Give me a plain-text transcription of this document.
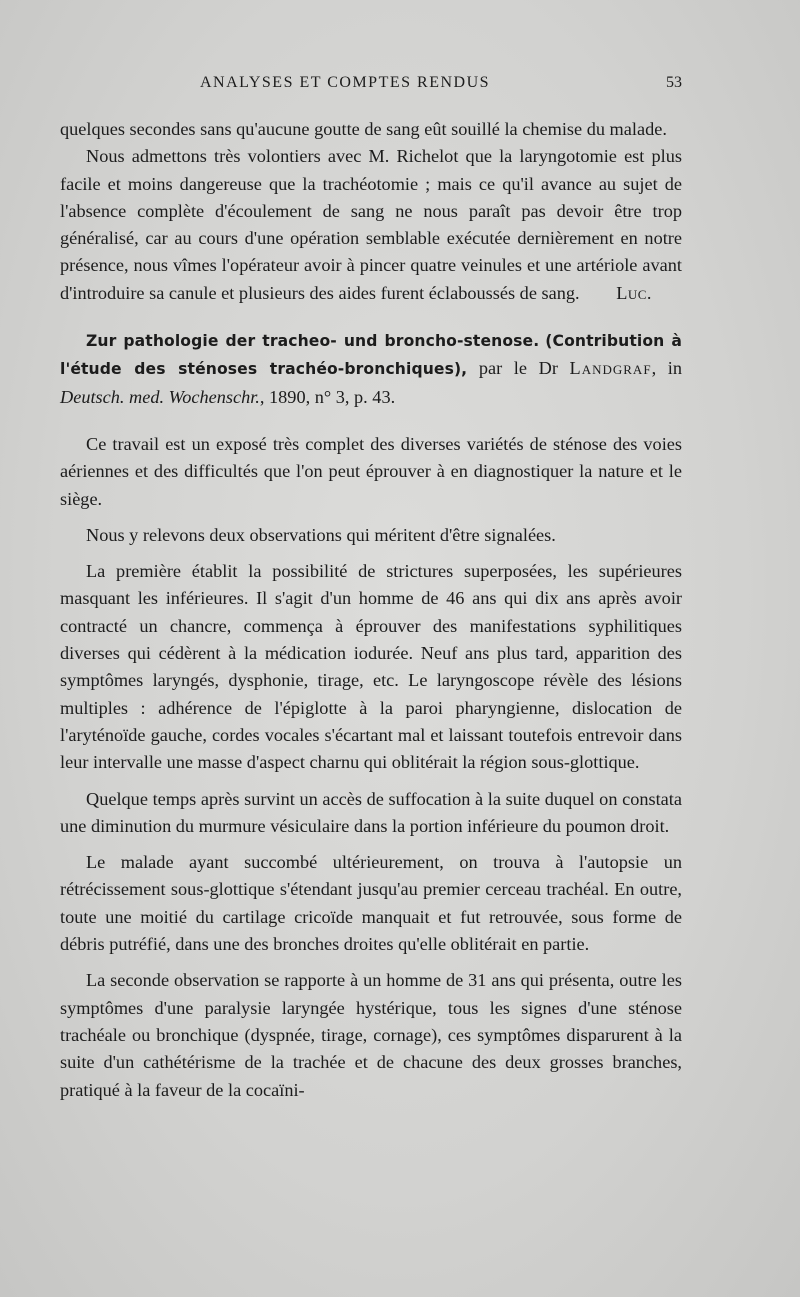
ANALYSES ET COMPTES RENDUS	53

quelques secondes sans qu'aucune goutte de sang eût souillé la chemise du malade.

Nous admettons très volontiers avec M. Richelot que la laryngotomie est plus facile et moins dangereuse que la trachéotomie ; mais ce qu'il avance au sujet de l'absence complète d'écoulement de sang ne nous paraît pas devoir être trop généralisé, car au cours d'une opération semblable exécutée dernièrement en notre présence, nous vîmes l'opérateur avoir à pincer quatre veinules et une artériole avant d'introduire sa canule et plusieurs des aides furent éclaboussés de sang.	Luc.

Zur pathologie der tracheo- und broncho-stenose. (Contribution à l'étude des sténoses trachéo-bronchiques), par le Dr Landgraf, in Deutsch. med. Wochenschr., 1890, n° 3, p. 43.

Ce travail est un exposé très complet des diverses variétés de sténose des voies aériennes et des difficultés que l'on peut éprouver à en diagnostiquer la nature et le siège.

Nous y relevons deux observations qui méritent d'être signalées.

La première établit la possibilité de strictures superposées, les supérieures masquant les inférieures. Il s'agit d'un homme de 46 ans qui dix ans après avoir contracté un chancre, commença à éprouver des manifestations syphilitiques diverses qui cédèrent à la médication iodurée. Neuf ans plus tard, apparition des symptômes laryngés, dysphonie, tirage, etc. Le laryngoscope révèle des lésions multiples : adhérence de l'épiglotte à la paroi pharyngienne, dislocation de l'aryténoïde gauche, cordes vocales s'écartant mal et laissant toutefois entrevoir dans leur intervalle une masse d'aspect charnu qui oblitérait la région sous-glottique.

Quelque temps après survint un accès de suffocation à la suite duquel on constata une diminution du murmure vésiculaire dans la portion inférieure du poumon droit.

Le malade ayant succombé ultérieurement, on trouva à l'autopsie un rétrécissement sous-glottique s'étendant jusqu'au premier cerceau trachéal. En outre, toute une moitié du cartilage cricoïde manquait et fut retrouvée, sous forme de débris putréfié, dans une des bronches droites qu'elle oblitérait en partie.

La seconde observation se rapporte à un homme de 31 ans qui présenta, outre les symptômes d'une paralysie laryngée hystérique, tous les signes d'une sténose trachéale ou bronchique (dyspnée, tirage, cornage), ces symptômes disparurent à la suite d'un cathétérisme de la trachée et de chacune des deux grosses branches, pratiqué à la faveur de la cocaïni-
